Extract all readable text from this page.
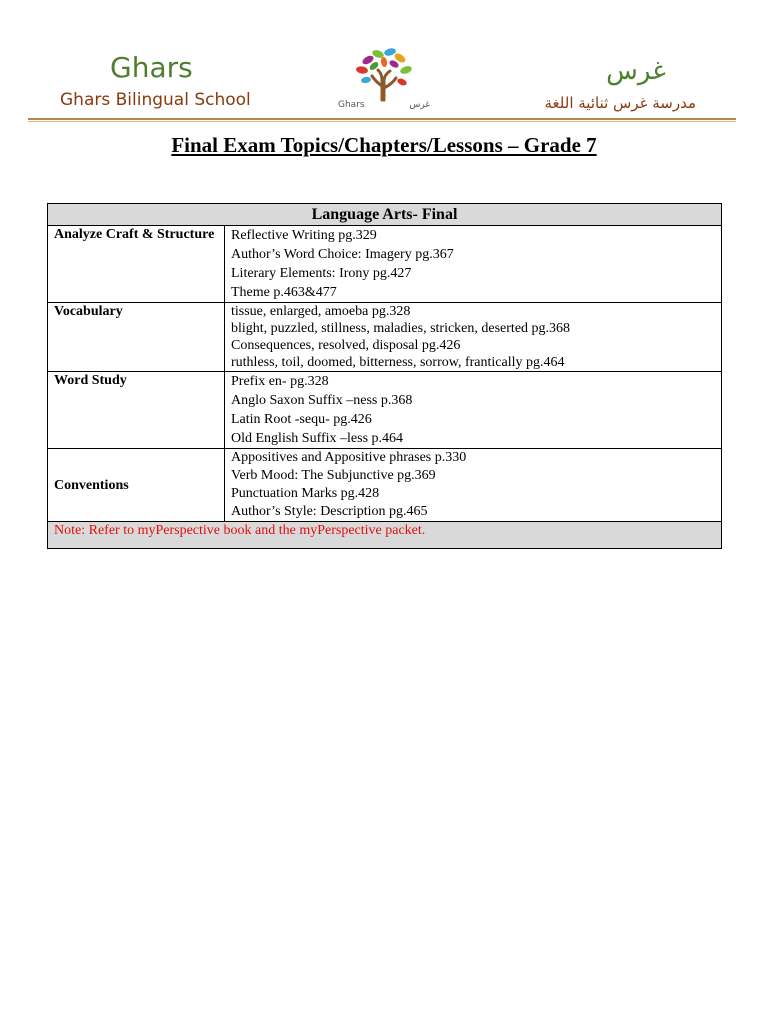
Ghars
Ghars Bilingual School	Ghars	غرس
غرس
مدرسة غرس ثنائية اللغة
Final Exam Topics/Chapters/Lessons – Grade 7
Language Arts- Final	
Analyze Craft & Structure	Reflective Writing pg.329
Author’s Word Choice: Imagery pg.367
Literary Elements: Irony pg.427
Theme p.463&477

Vocabulary	tissue, enlarged, amoeba pg.328
blight, puzzled, stillness, maladies, stricken, deserted pg.368
Consequences, resolved, disposal pg.426
ruthless, toil, doomed, bitterness, sorrow, frantically pg.464

Word Study	Prefix en- pg.328
Anglo Saxon Suffix –ness p.368
Latin Root -sequ- pg.426
Old English Suffix –less p.464

Conventions	Appositives and Appositive phrases p.330
Verb Mood: The Subjunctive pg.369
Punctuation Marks pg.428
Author’s Style: Description pg.465

Note: Refer to myPerspective book and the myPerspective packet.	
